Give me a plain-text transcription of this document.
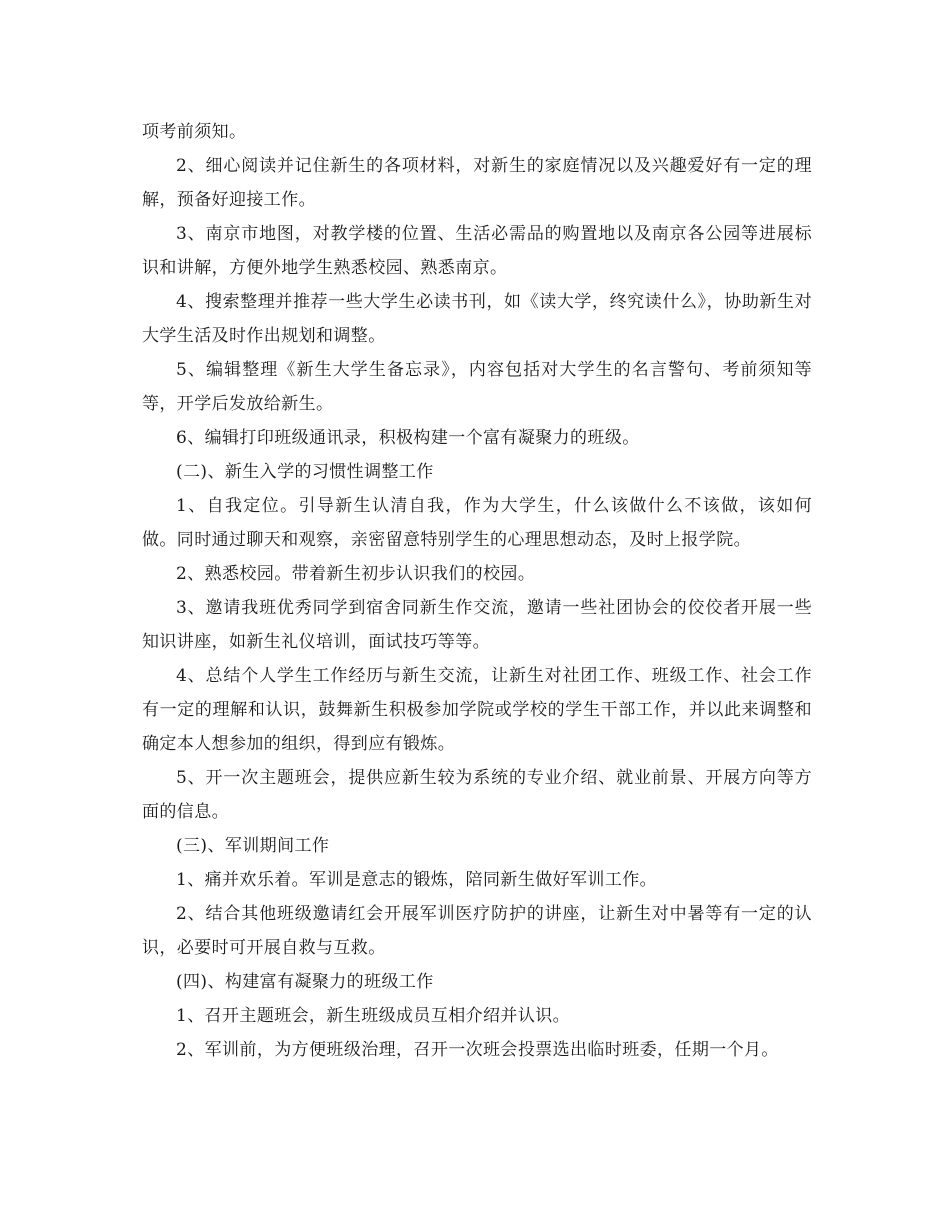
项考前须知。

2、细心阅读并记住新生的各项材料，对新生的家庭情况以及兴趣爱好有一定的理解，预备好迎接工作。

3、南京市地图，对教学楼的位置、生活必需品的购置地以及南京各公园等进展标识和讲解，方便外地学生熟悉校园、熟悉南京。

4、搜索整理并推荐一些大学生必读书刊，如《读大学，终究读什么》，协助新生对大学生活及时作出规划和调整。

5、编辑整理《新生大学生备忘录》，内容包括对大学生的名言警句、考前须知等等，开学后发放给新生。

6、编辑打印班级通讯录，积极构建一个富有凝聚力的班级。

(二)、新生入学的习惯性调整工作

1、自我定位。引导新生认清自我，作为大学生，什么该做什么不该做，该如何做。同时通过聊天和观察，亲密留意特别学生的心理思想动态，及时上报学院。

2、熟悉校园。带着新生初步认识我们的校园。

3、邀请我班优秀同学到宿舍同新生作交流，邀请一些社团协会的佼佼者开展一些知识讲座，如新生礼仪培训，面试技巧等等。

4、总结个人学生工作经历与新生交流，让新生对社团工作、班级工作、社会工作有一定的理解和认识，鼓舞新生积极参加学院或学校的学生干部工作，并以此来调整和确定本人想参加的组织，得到应有锻炼。

5、开一次主题班会，提供应新生较为系统的专业介绍、就业前景、开展方向等方面的信息。

(三)、军训期间工作

1、痛并欢乐着。军训是意志的锻炼，陪同新生做好军训工作。

2、结合其他班级邀请红会开展军训医疗防护的讲座，让新生对中暑等有一定的认识，必要时可开展自救与互救。

(四)、构建富有凝聚力的班级工作

1、召开主题班会，新生班级成员互相介绍并认识。

2、军训前，为方便班级治理，召开一次班会投票选出临时班委，任期一个月。
